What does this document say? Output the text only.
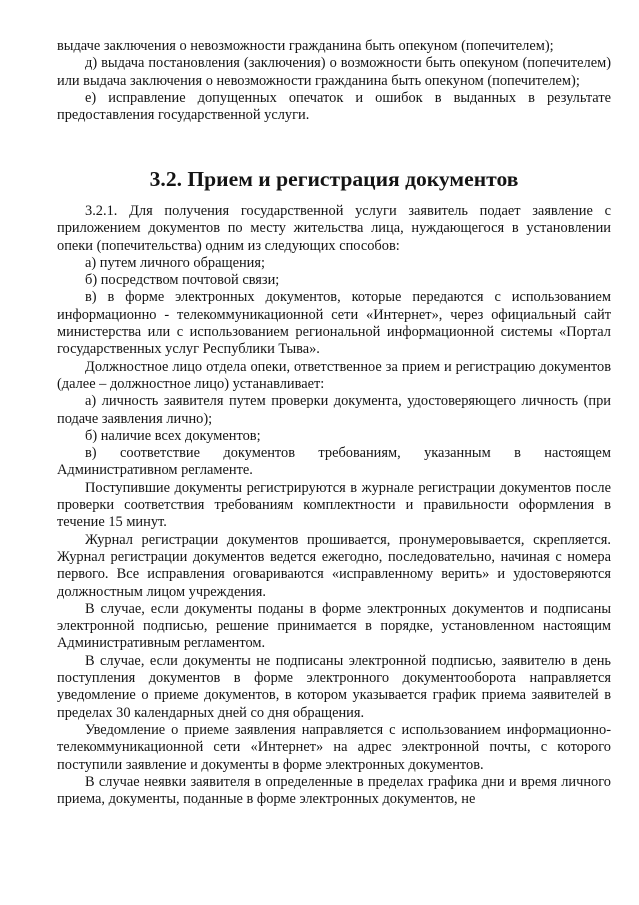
выдаче заключения о невозможности гражданина быть опекуном (попечителем);

д) выдача постановления (заключения) о возможности быть опекуном (попечителем) или выдача заключения о невозможности гражданина быть опекуном (попечителем);

е) исправление допущенных опечаток и ошибок в выданных в результате предоставления государственной услуги.

3.2. Прием и регистрация документов

3.2.1. Для получения государственной услуги заявитель подает заявление с приложением документов по месту жительства лица, нуждающегося в установлении опеки (попечительства) одним из следующих способов:

а) путем личного обращения;

б) посредством почтовой связи;

в) в форме электронных документов, которые передаются с использованием информационно - телекоммуникационной сети «Интернет», через официальный сайт министерства или с использованием региональной информационной системы «Портал государственных услуг Республики Тыва».

Должностное лицо отдела опеки, ответственное за прием и регистрацию документов (далее – должностное лицо) устанавливает:

а) личность заявителя путем проверки документа, удостоверяющего личность (при подаче заявления лично);

б) наличие всех документов;

в) соответствие документов требованиям, указанным в настоящем Административном регламенте.

Поступившие документы регистрируются в журнале регистрации документов после проверки соответствия требованиям комплектности и правильности оформления в течение 15 минут.

Журнал регистрации документов прошивается, пронумеровывается, скрепляется. Журнал регистрации документов ведется ежегодно, последовательно, начиная с номера первого. Все исправления оговариваются «исправленному верить» и удостоверяются должностным лицом учреждения.

В случае, если документы поданы в форме электронных документов и подписаны электронной подписью, решение принимается в порядке, установленном настоящим Административным регламентом.

В случае, если документы не подписаны электронной подписью, заявителю в день поступления документов в форме электронного документооборота направляется уведомление о приеме документов, в котором указывается график приема заявителей в пределах 30 календарных дней со дня обращения.

Уведомление о приеме заявления направляется с использованием информационно-телекоммуникационной сети «Интернет» на адрес электронной почты, с которого поступили заявление и документы в форме электронных документов.

В случае неявки заявителя в определенные в пределах графика дни и время личного приема, документы, поданные в форме электронных документов, не
